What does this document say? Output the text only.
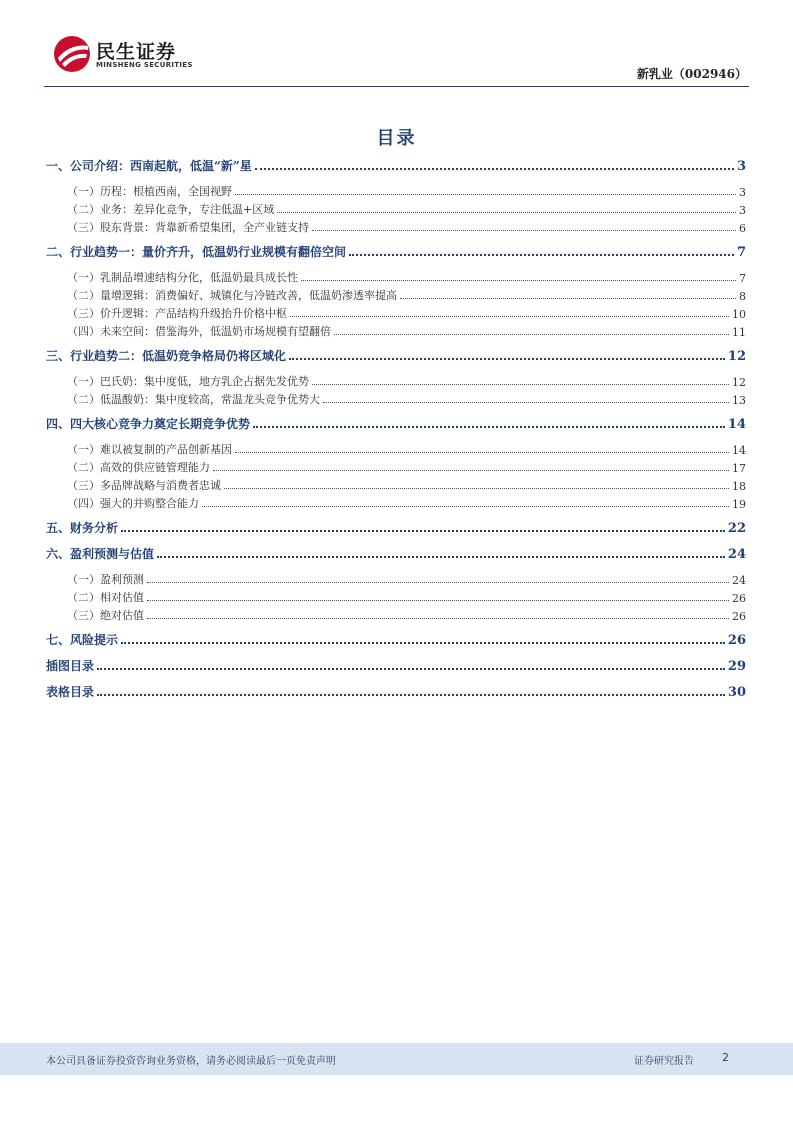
民生证券
MINSHENG SECURITIES
新乳业（002946）
目录
一、公司介绍：西南起航，低温“新”星	3
（一）历程：根植西南，全国视野	3
（二）业务：差异化竞争，专注低温+区域	3
（三）股东背景：背靠新希望集团，全产业链支持	6
二、行业趋势一：量价齐升，低温奶行业规模有翻倍空间	7
（一）乳制品增速结构分化，低温奶最具成长性	7
（二）量增逻辑：消费偏好、城镇化与冷链改善，低温奶渗透率提高	8
（三）价升逻辑：产品结构升级抬升价格中枢	10
（四）未来空间：借鉴海外，低温奶市场规模有望翻倍	11
三、行业趋势二：低温奶竞争格局仍将区域化	12
（一）巴氏奶：集中度低，地方乳企占据先发优势	12
（二）低温酸奶：集中度较高，常温龙头竞争优势大	13
四、四大核心竞争力奠定长期竞争优势	14
（一）难以被复制的产品创新基因	14
（二）高效的供应链管理能力	17
（三）多品牌战略与消费者忠诚	18
（四）强大的并购整合能力	19
五、财务分析	22
六、盈利预测与估值	24
（一）盈利预测	24
（二）相对估值	26
（三）绝对估值	26
七、风险提示	26
插图目录	29
表格目录	30
本公司具备证券投资咨询业务资格，请务必阅读最后一页免责声明	证券研究报告	2
